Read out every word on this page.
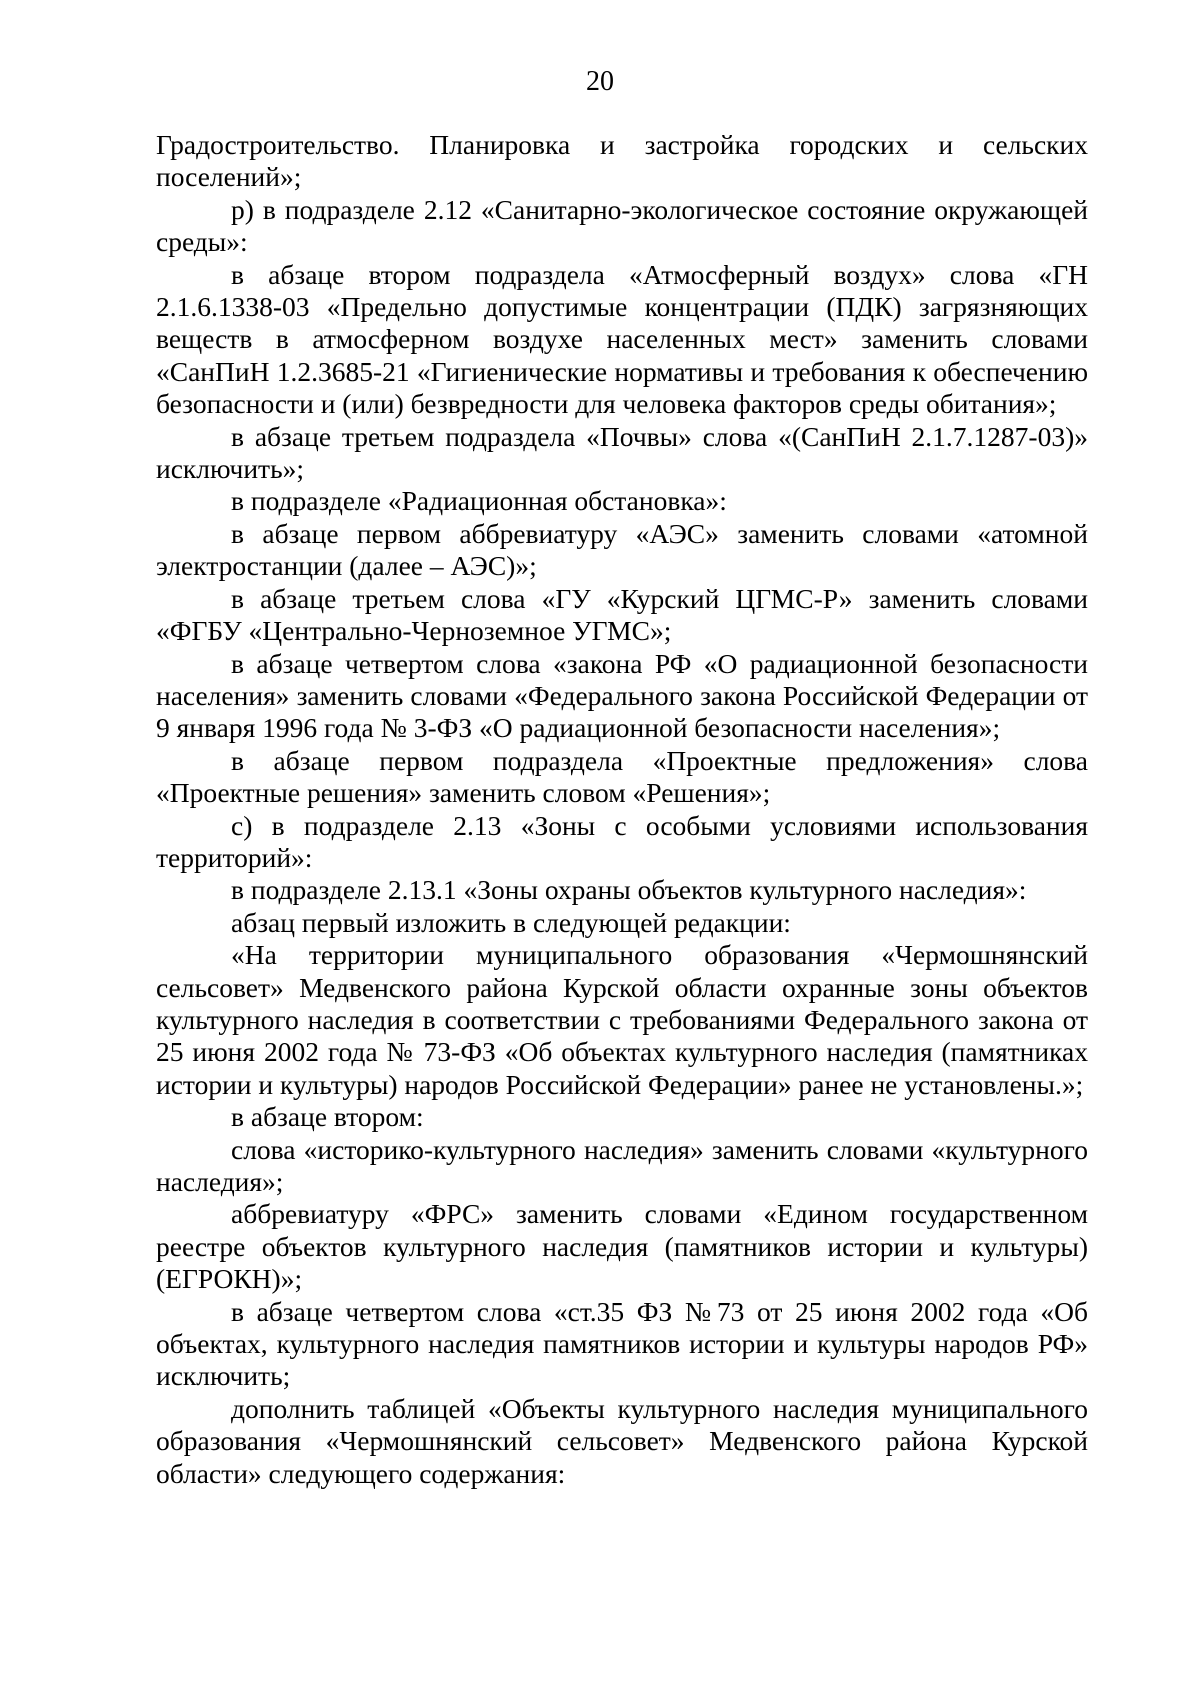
20

Градостроительство. Планировка и застройка городских и сельских поселений»;

р) в подразделе 2.12 «Санитарно-экологическое состояние окружающей среды»:

в абзаце втором подраздела «Атмосферный воздух» слова «ГН 2.1.6.1338-03 «Предельно допустимые концентрации (ПДК) загрязняющих веществ в атмосферном воздухе населенных мест» заменить словами «СанПиН 1.2.3685-21 «Гигиенические нормативы и требования к обеспечению безопасности и (или) безвредности для человека факторов среды обитания»;

в абзаце третьем подраздела «Почвы» слова «(СанПиН 2.1.7.1287-03)» исключить»;

в подразделе «Радиационная обстановка»:

в абзаце первом аббревиатуру «АЭС» заменить словами «атомной электростанции (далее – АЭС)»;

в абзаце третьем слова «ГУ «Курский ЦГМС-Р» заменить словами «ФГБУ «Центрально-Черноземное УГМС»;

в абзаце четвертом слова «закона РФ «О радиационной безопасности населения» заменить словами «Федерального закона Российской Федерации от 9 января 1996 года № 3-ФЗ «О радиационной безопасности населения»;

в абзаце первом подраздела «Проектные предложения» слова «Проектные решения» заменить словом «Решения»;

с) в подразделе 2.13 «Зоны с особыми условиями использования территорий»:

в подразделе 2.13.1 «Зоны охраны объектов культурного наследия»:

абзац первый изложить в следующей редакции:

«На территории муниципального образования «Чермошнянский сельсовет» Медвенского района Курской области охранные зоны объектов культурного наследия в соответствии с требованиями Федерального закона от 25 июня 2002 года № 73-ФЗ «Об объектах культурного наследия (памятниках истории и культуры) народов Российской Федерации» ранее не установлены.»;

в абзаце втором:

слова «историко-культурного наследия» заменить словами «культурного наследия»;

аббревиатуру «ФРС» заменить словами «Едином государственном реестре объектов культурного наследия (памятников истории и культуры) (ЕГРОКН)»;

в абзаце четвертом слова «ст.35 ФЗ №73 от 25 июня 2002 года «Об объектах, культурного наследия памятников истории и культуры народов РФ» исключить;

дополнить таблицей «Объекты культурного наследия муниципального образования «Чермошнянский сельсовет» Медвенского района Курской области» следующего содержания:
